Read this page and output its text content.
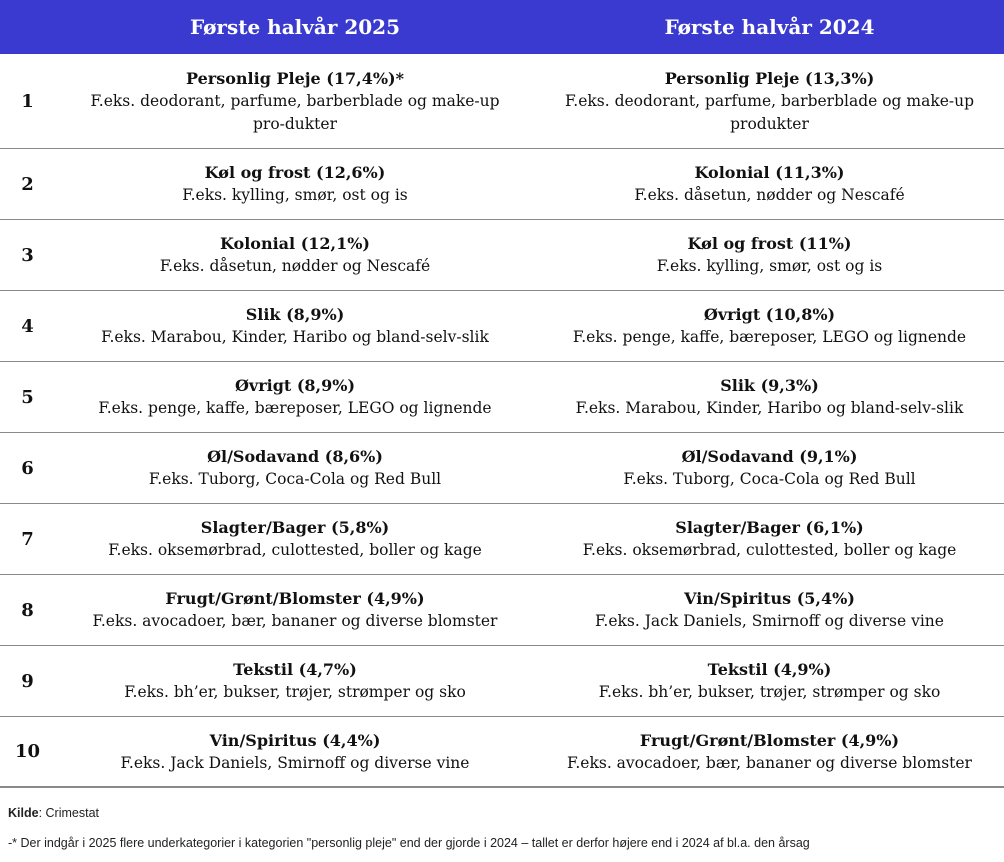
Første halvår 2025	Første halvår 2024
1
Personlig Pleje (17,4%)*
F.eks. deodorant, parfume, barberblade og make-up pro-dukter
Personlig Pleje (13,3%)
F.eks. deodorant, parfume, barberblade og make-up produkter
2
Køl og frost (12,6%)
F.eks. kylling, smør, ost og is
Kolonial (11,3%)
F.eks. dåsetun, nødder og Nescafé
3
Kolonial (12,1%)
F.eks. dåsetun, nødder og Nescafé
Køl og frost (11%)
F.eks. kylling, smør, ost og is
4
Slik (8,9%)
F.eks. Marabou, Kinder, Haribo og bland-selv-slik
Øvrigt (10,8%)
F.eks. penge, kaffe, bæreposer, LEGO og lignende
5
Øvrigt (8,9%)
F.eks. penge, kaffe, bæreposer, LEGO og lignende
Slik (9,3%)
F.eks. Marabou, Kinder, Haribo og bland-selv-slik
6
Øl/Sodavand (8,6%)
F.eks. Tuborg, Coca-Cola og Red Bull
Øl/Sodavand (9,1%)
F.eks. Tuborg, Coca-Cola og Red Bull
7
Slagter/Bager (5,8%)
F.eks. oksemørbrad, culottested, boller og kage
Slagter/Bager (6,1%)
F.eks. oksemørbrad, culottested, boller og kage
8
Frugt/Grønt/Blomster (4,9%)
F.eks. avocadoer, bær, bananer og diverse blomster
Vin/Spiritus (5,4%)
F.eks. Jack Daniels, Smirnoff og diverse vine
9
Tekstil (4,7%)
F.eks. bh’er, bukser, trøjer, strømper og sko
Tekstil (4,9%)
F.eks. bh’er, bukser, trøjer, strømper og sko
10
Vin/Spiritus (4,4%)
F.eks. Jack Daniels, Smirnoff og diverse vine
Frugt/Grønt/Blomster (4,9%)
F.eks. avocadoer, bær, bananer og diverse blomster
Kilde: Crimestat
-* Der indgår i 2025 flere underkategorier i kategorien "personlig pleje" end der gjorde i 2024 – tallet er derfor højere end i 2024 af bl.a. den årsag
